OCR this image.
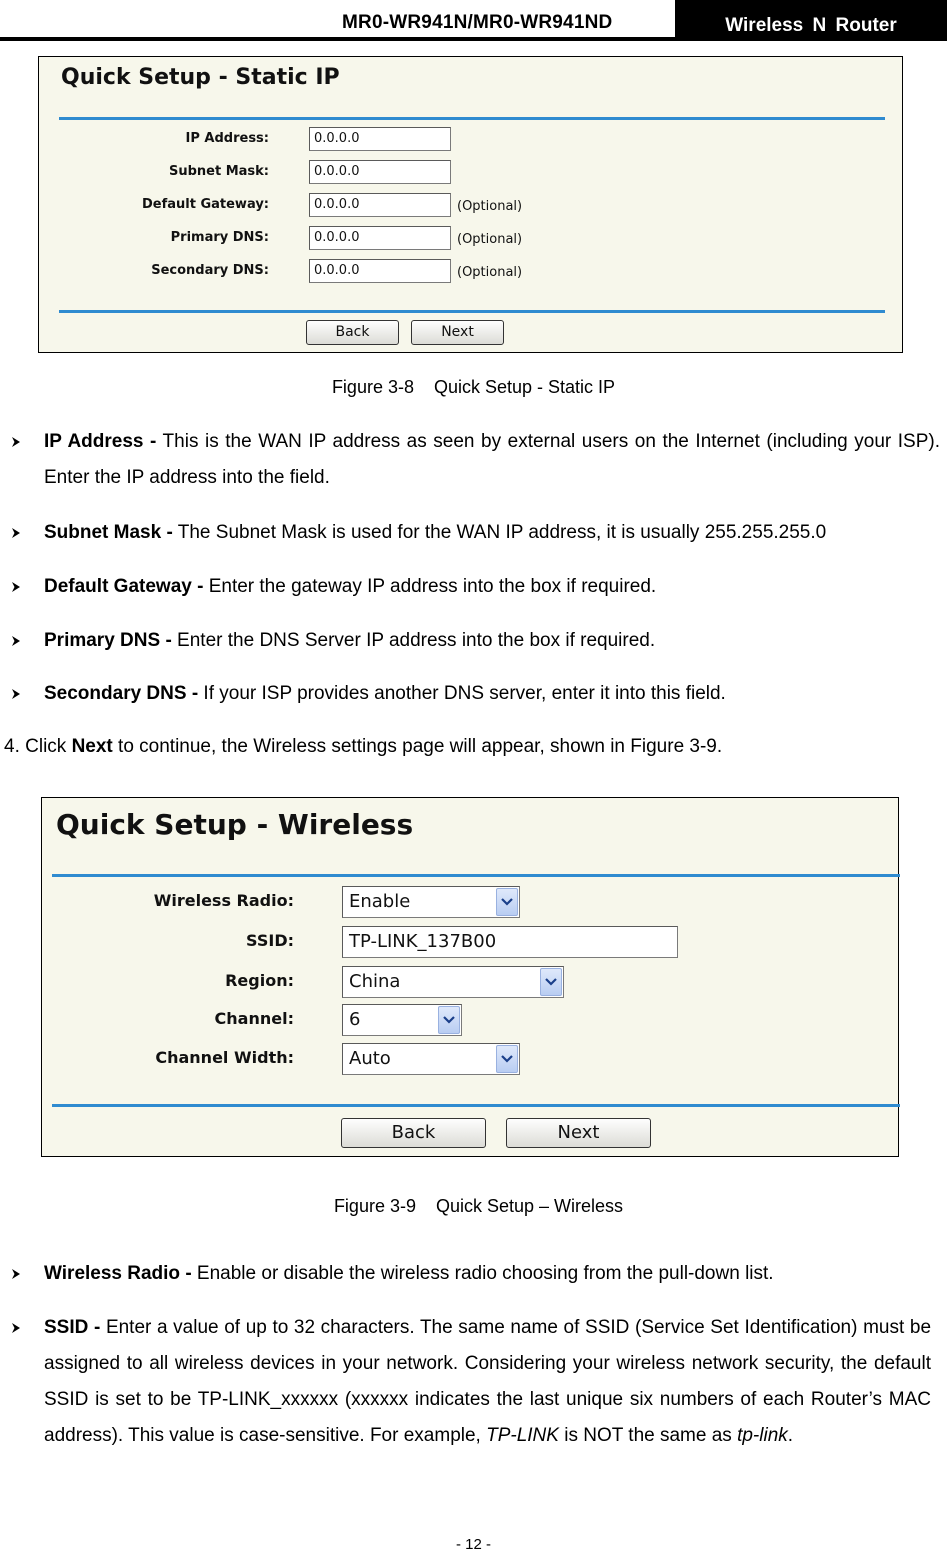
MR0-WR941N/MR0-WR941ND	Wireless N Router
Quick Setup - Static IP
IP Address:	0.0.0.0
Subnet Mask:	0.0.0.0
Default Gateway:	0.0.0.0	(Optional)
Primary DNS:	0.0.0.0	(Optional)
Secondary DNS:	0.0.0.0	(Optional)
Back	Next
Figure 3-8    Quick Setup - Static IP
IP Address - This is the WAN IP address as seen by external users on the Internet (including your ISP). Enter the IP address into the field.
Subnet Mask - The Subnet Mask is used for the WAN IP address, it is usually 255.255.255.0
Default Gateway - Enter the gateway IP address into the box if required.
Primary DNS - Enter the DNS Server IP address into the box if required.
Secondary DNS - If your ISP provides another DNS server, enter it into this field.
4. Click Next to continue, the Wireless settings page will appear, shown in Figure 3-9.
Quick Setup - Wireless
Wireless Radio:	Enable
SSID:	TP-LINK_137B00
Region:	China
Channel:	6
Channel Width:	Auto
Back	Next
Figure 3-9    Quick Setup – Wireless
Wireless Radio - Enable or disable the wireless radio choosing from the pull-down list.
SSID - Enter a value of up to 32 characters. The same name of SSID (Service Set Identification) must be assigned to all wireless devices in your network. Considering your wireless network security, the default SSID is set to be TP-LINK_xxxxxx (xxxxxx indicates the last unique six numbers of each Router’s MAC address). This value is case-sensitive. For example, TP-LINK is NOT the same as tp-link.
- 12 -
